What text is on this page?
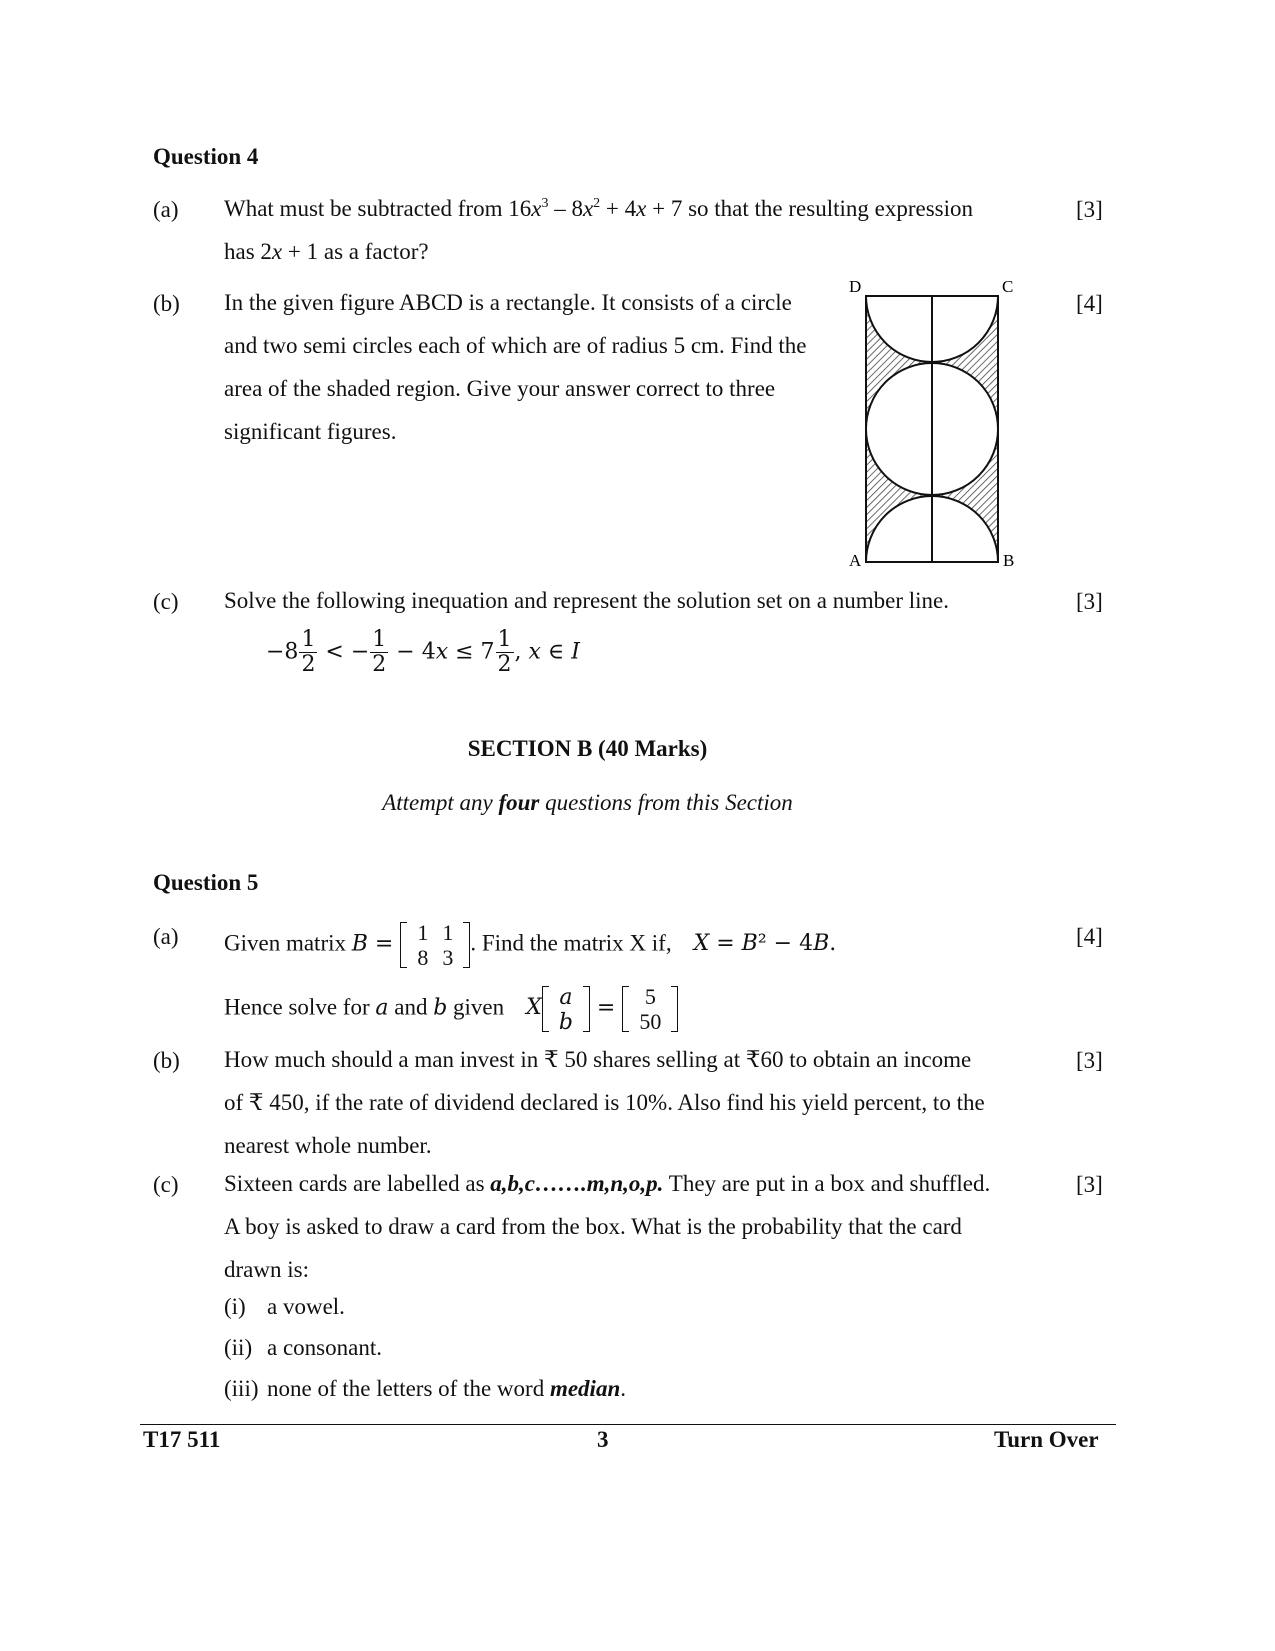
Question 4
(a) What must be subtracted from $16x^3 - 8x^2 + 4x + 7$ so that the resulting expression
has 2x + 1 as a factor?
[3]
(b) In the given figure ABCD is a rectangle. It consists of a circle
and two semi circles each of which are of radius 5 cm. Find the
area of the shaded region. Give your answer correct to three
significant figures.
[4]
D	C
A	B
(c) Solve the following inequation and represent the solution set on a number line.	[3]
$-8 \frac{1}{2}$ < − $\frac{1}{2}$ − 4𝑥 ≤ $7 \frac{1}{2}$ , 𝑥 ∈ 𝐼
SECTION B (40 Marks)
Attempt any four questions from this Section
Question 5
(a)	[4]
Given matrix 𝐵 = 1	1
8	3
. Find the matrix X if, 𝑋 = 𝐵² − 4𝐵.
Hence solve for 𝑎 and 𝑏 given 𝑋 𝑎
𝑏
= 5
50
(b) How much should a man invest in ₹ 50 shares selling at ₹60 to obtain an income
of ₹ 450, if the rate of dividend declared is 10%. Also find his yield percent, to the
nearest whole number.
[3]
(c) Sixteen cards are labelled as a,b,c…….m,n,o,p. They are put in a box and shuffled.
A boy is asked to draw a card from the box. What is the probability that the card
drawn is:
[3]
(i) a vowel.
(ii) a consonant.
(iii) none of the letters of the word median.
T17 511	3	Turn Over
